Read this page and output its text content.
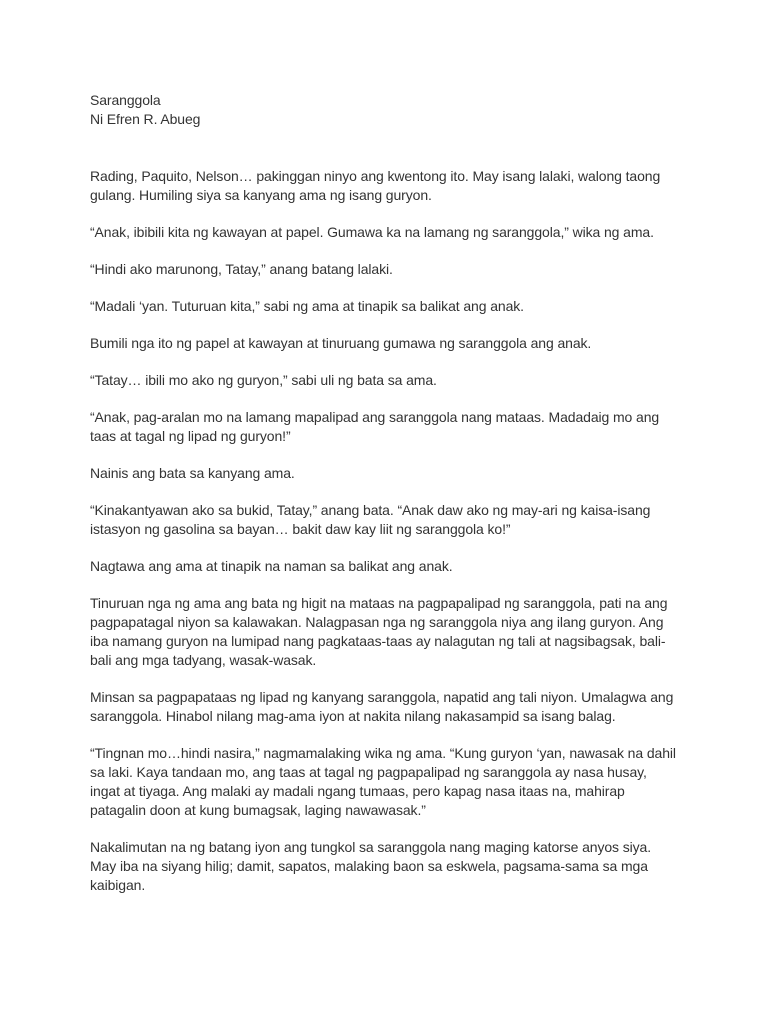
Saranggola
Ni Efren R. Abueg

Rading, Paquito, Nelson… pakinggan ninyo ang kwentong ito. May isang lalaki, walong taong gulang. Humiling siya sa kanyang ama ng isang guryon.

“Anak, ibibili kita ng kawayan at papel. Gumawa ka na lamang ng saranggola,” wika ng ama.

“Hindi ako marunong, Tatay,” anang batang lalaki.

“Madali ‘yan. Tuturuan kita,” sabi ng ama at tinapik sa balikat ang anak.

Bumili nga ito ng papel at kawayan at tinuruang gumawa ng saranggola ang anak.

“Tatay… ibili mo ako ng guryon,” sabi uli ng bata sa ama.

“Anak, pag-aralan mo na lamang mapalipad ang saranggola nang mataas. Madadaig mo ang taas at tagal ng lipad ng guryon!”

Nainis ang bata sa kanyang ama.

“Kinakantyawan ako sa bukid, Tatay,” anang bata. “Anak daw ako ng may-ari ng kaisa-isang istasyon ng gasolina sa bayan… bakit daw kay liit ng saranggola ko!”

Nagtawa ang ama at tinapik na naman sa balikat ang anak.

Tinuruan nga ng ama ang bata ng higit na mataas na pagpapalipad ng saranggola, pati na ang pagpapatagal niyon sa kalawakan. Nalagpasan nga ng saranggola niya ang ilang guryon. Ang iba namang guryon na lumipad nang pagkataas-taas ay nalagutan ng tali at nagsibagsak, bali-bali ang mga tadyang, wasak-wasak.

Minsan sa pagpapataas ng lipad ng kanyang saranggola, napatid ang tali niyon. Umalagwa ang saranggola. Hinabol nilang mag-ama iyon at nakita nilang nakasampid sa isang balag.

“Tingnan mo…hindi nasira,” nagmamalaking wika ng ama. “Kung guryon ‘yan, nawasak na dahil sa laki. Kaya tandaan mo, ang taas at tagal ng pagpapalipad ng saranggola ay nasa husay, ingat at tiyaga. Ang malaki ay madali ngang tumaas, pero kapag nasa itaas na, mahirap patagalin doon at kung bumagsak, laging nawawasak.”

Nakalimutan na ng batang iyon ang tungkol sa saranggola nang maging katorse anyos siya. May iba na siyang hilig; damit, sapatos, malaking baon sa eskwela, pagsama-sama sa mga kaibigan.
